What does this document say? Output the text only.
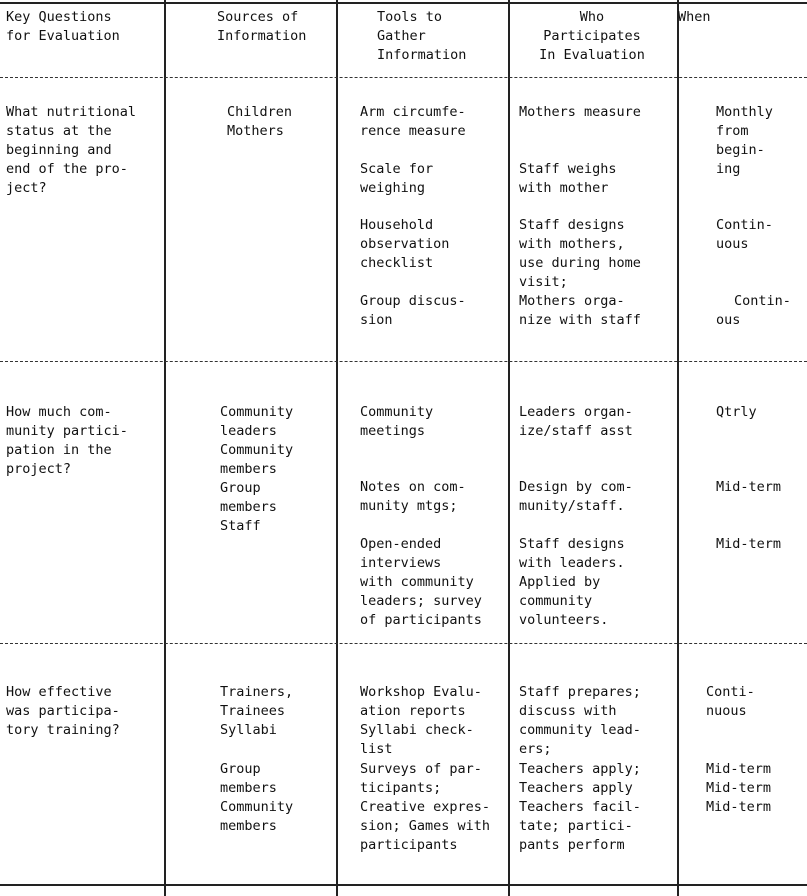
Key Questions
for Evaluation
Sources of
Information
Tools to
Gather
Information
Who
Participates
In Evaluation
When
What nutritional
status at the
beginning and
end of the pro-
ject?
Children
Mothers
Arm circumfe-
rence measure
Scale for
weighing
Household
observation
checklist
Group discus-
sion
Mothers measure
Staff weighs
with mother
Staff designs
with mothers,
use during home
visit;
Mothers orga-
nize with staff
Monthly
from
begin-
ing
Contin-
uous
Contin-
ous
How much com-
munity partici-
pation in the
project?
Community
leaders
Community
members
Group
members
Staff
Community
meetings
Notes on com-
munity mtgs;
Open-ended
interviews
with community
leaders; survey
of participants
Leaders organ-
ize/staff asst
Design by com-
munity/staff.
Staff designs
with leaders.
Applied by
community
volunteers.
Qtrly
Mid-term
Mid-term
How effective
was participa-
tory training?
Trainers,
Trainees
Syllabi
Group
members
Community
members
Workshop Evalu-
ation reports
Syllabi check-
list
Surveys of par-
ticipants;
Creative expres-
sion; Games with
participants
Staff prepares;
discuss with
community lead-
ers;
Teachers apply;
Teachers apply
Teachers facil-
tate; partici-
pants perform
Conti-
nuous
Mid-term
Mid-term
Mid-term
